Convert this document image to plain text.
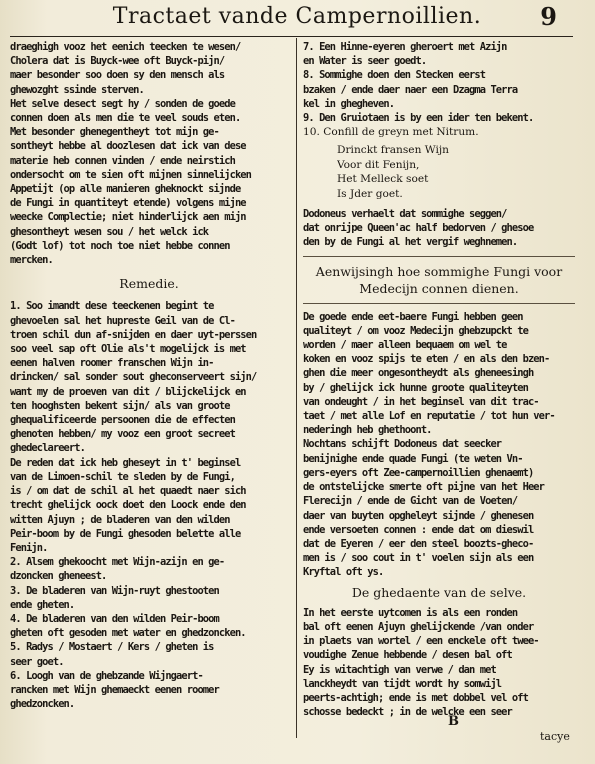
Tractaet vande Campernoillien. 9

draeghigh vooz het eenich teecken te wesen/
Cholera dat is Buyck-wee oft Buyck-pijn/
maer besonder soo doen sy den mensch als
ghewozght ssinde sterven.

Het selve desect segt hy / sonden de goede
connen doen als men die te veel souds eten.
Met besonder ghenegentheyt tot mijn ge-
sontheyt hebbe al doozlesen dat ick van dese
materie heb connen vinden / ende neirstich
ondersocht om te sien oft mijnen sinnelijcken
Appetijt (op alle manieren gheknockt sijnde
de Fungi in quantiteyt etende) volgens mijne
weecke Complectie; niet hinderlijck aen mijn
ghesontheyt wesen sou / het welck ick
(Godt lof) tot noch toe niet hebbe connen
mercken.

Remedie.

1. Soo imandt dese teeckenen begint te
ghevoelen sal het hupreste Geil van de Cl-
troen schil dun af-snijden en daer uyt-perssen
soo veel sap oft Olie als't mogelijck is met
eenen halven roomer franschen Wijn in-
drincken/ sal sonder sout gheconserveert sijn/
want my de proeven van dit / blijckelijck en
ten hooghsten bekent sijn/ als van groote
ghequalificeerde persoonen die de effecten
ghenoten hebben/ my vooz een groot secreet
ghedeclareert.

De reden dat ick heb gheseyt in t' beginsel
van de Limoen-schil te sleden by de Fungi,
is / om dat de schil al het quaedt naer sich
trecht ghelijck oock doet den Loock ende den
witten Ajuyn ; de bladeren van den wilden
Peir-boom by de Fungi ghesoden belette alle
Fenijn.

2. Alsem ghekoocht met Wijn-azijn en ge-
dzoncken gheneest.

3. De bladeren van Wijn-ruyt ghestooten
ende gheten.

4. De bladeren van den wilden Peir-boom
gheten oft gesoden met water en ghedzoncken.

5. Radys / Mostaert / Kers / gheten is
seer goet.

6. Loogh van de ghebzande Wijngaert-
rancken met Wijn ghemaeckt eenen roomer
ghedzoncken.

7. Een Hinne-eyeren gheroert met Azijn
en Water is seer goedt.

8. Sommighe doen den Stecken eerst
bzaken / ende daer naer een Dzagma Terra
kel in ghegheven.

9. Den Gruiotaen is by een ider ten bekent.

10. Confill de greyn met Nitrum.

Drinckt fransen Wijn
Voor dit Fenijn,
Het Melleck soet
Is Jder goet.

Dodoneus verhaelt dat sommighe seggen/
dat onrijpe Queen'ac half bedorven / ghesoe
den by de Fungi al het vergif weghnemen.

Aenwijsingh hoe sommighe Fungi voor
Medecijn connen dienen.

De goede ende eet-baere Fungi hebben geen
qualiteyt / om vooz Medecijn ghebzupckt te
worden / maer alleen bequaem om wel te
koken en vooz spijs te eten / en als den bzen-
ghen die meer ongesontheydt als gheneesingh
by / ghelijck ick hunne groote qualiteyten
van ondeught / in het beginsel van dit trac-
taet / met alle Lof en reputatie / tot hun ver-
nederingh heb ghethoont.

Nochtans schijft Dodoneus dat seecker
benijnighe ende quade Fungi (te weten Vn-
gers-eyers oft Zee-campernoillien ghenaemt)
de ontstelijcke smerte oft pijne van het Heer
Flerecijn / ende de Gicht van de Voeten/
daer van buyten opgheleyt sijnde / ghenesen
ende versoeten connen : ende dat om dieswil
dat de Eyeren / eer den steel boozts-gheco-
men is / soo cout in t' voelen sijn als een
Kryftal oft ys.

De ghedaente van de selve.

In het eerste uytcomen is als een ronden
bal oft eenen Ajuyn ghelijckende /van onder
in plaets van wortel / een enckele oft twee-
voudighe Zenue hebbende / desen bal oft
Ey is witachtigh van verwe / dan met
lanckheydt van tijdt wordt hy somwijl
peerts-achtigh; ende is met dobbel vel oft
schosse bedeckt ; in de welcke een seer

B
tacye
